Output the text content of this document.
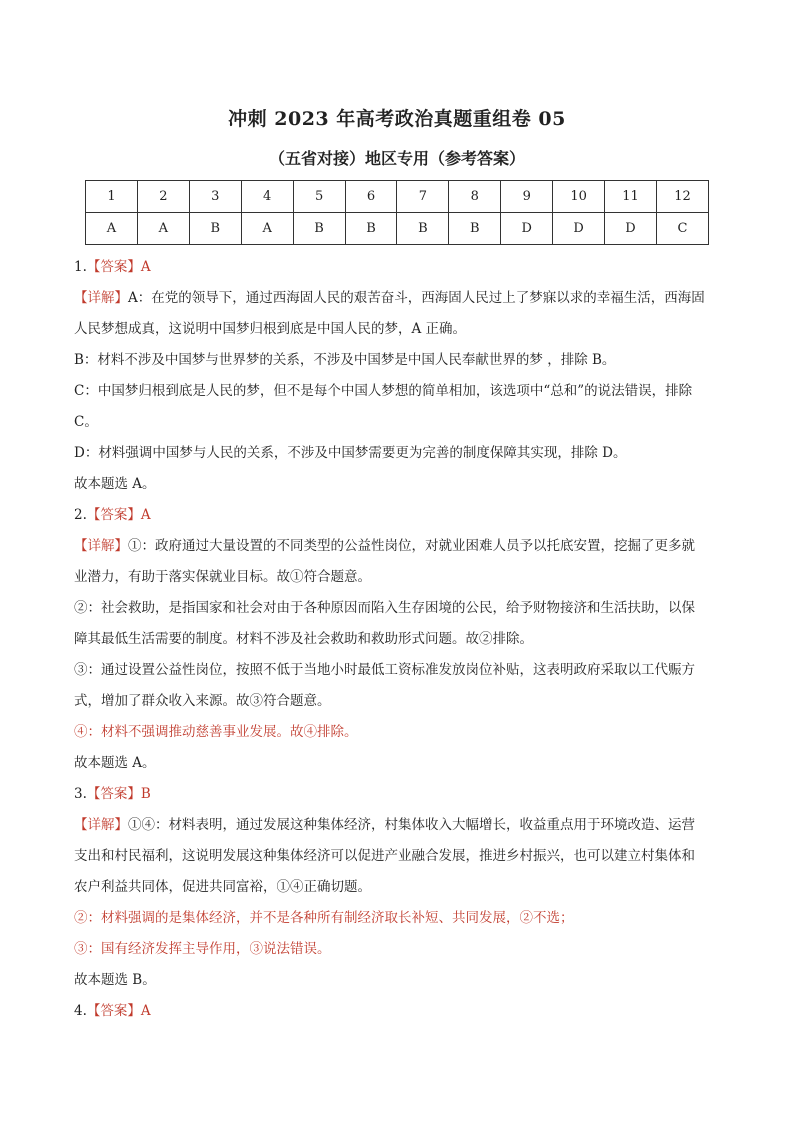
冲刺 2023 年高考政治真题重组卷 05
（五省对接）地区专用（参考答案）
1	2	3	4	5	6	7	8	9	10	11	12
A	A	B	A	B	B	B	B	D	D	D	C
1.【答案】A
【详解】A：在党的领导下，通过西海固人民的艰苦奋斗，西海固人民过上了梦寐以求的幸福生活，西海固
人民梦想成真，这说明中国梦归根到底是中国人民的梦，A 正确。
B：材料不涉及中国梦与世界梦的关系，不涉及中国梦是中国人民奉献世界的梦 ，排除 B。
C：中国梦归根到底是人民的梦，但不是每个中国人梦想的简单相加，该选项中“总和”的说法错误，排除
C。
D：材料强调中国梦与人民的关系，不涉及中国梦需要更为完善的制度保障其实现，排除 D。
故本题选 A。
2.【答案】A
【详解】①：政府通过大量设置的不同类型的公益性岗位，对就业困难人员予以托底安置，挖掘了更多就
业潜力，有助于落实保就业目标。故①符合题意。
②：社会救助，是指国家和社会对由于各种原因而陷入生存困境的公民，给予财物接济和生活扶助，以保
障其最低生活需要的制度。材料不涉及社会救助和救助形式问题。故②排除。
③：通过设置公益性岗位，按照不低于当地小时最低工资标准发放岗位补贴，这表明政府采取以工代赈方
式，增加了群众收入来源。故③符合题意。
④：材料不强调推动慈善事业发展。故④排除。
故本题选 A。
3.【答案】B
【详解】①④：材料表明，通过发展这种集体经济，村集体收入大幅增长，收益重点用于环境改造、运营
支出和村民福利，这说明发展这种集体经济可以促进产业融合发展，推进乡村振兴，也可以建立村集体和
农户利益共同体，促进共同富裕，①④正确切题。
②：材料强调的是集体经济，并不是各种所有制经济取长补短、共同发展，②不选；
③：国有经济发挥主导作用，③说法错误。
故本题选 B。
4.【答案】A
